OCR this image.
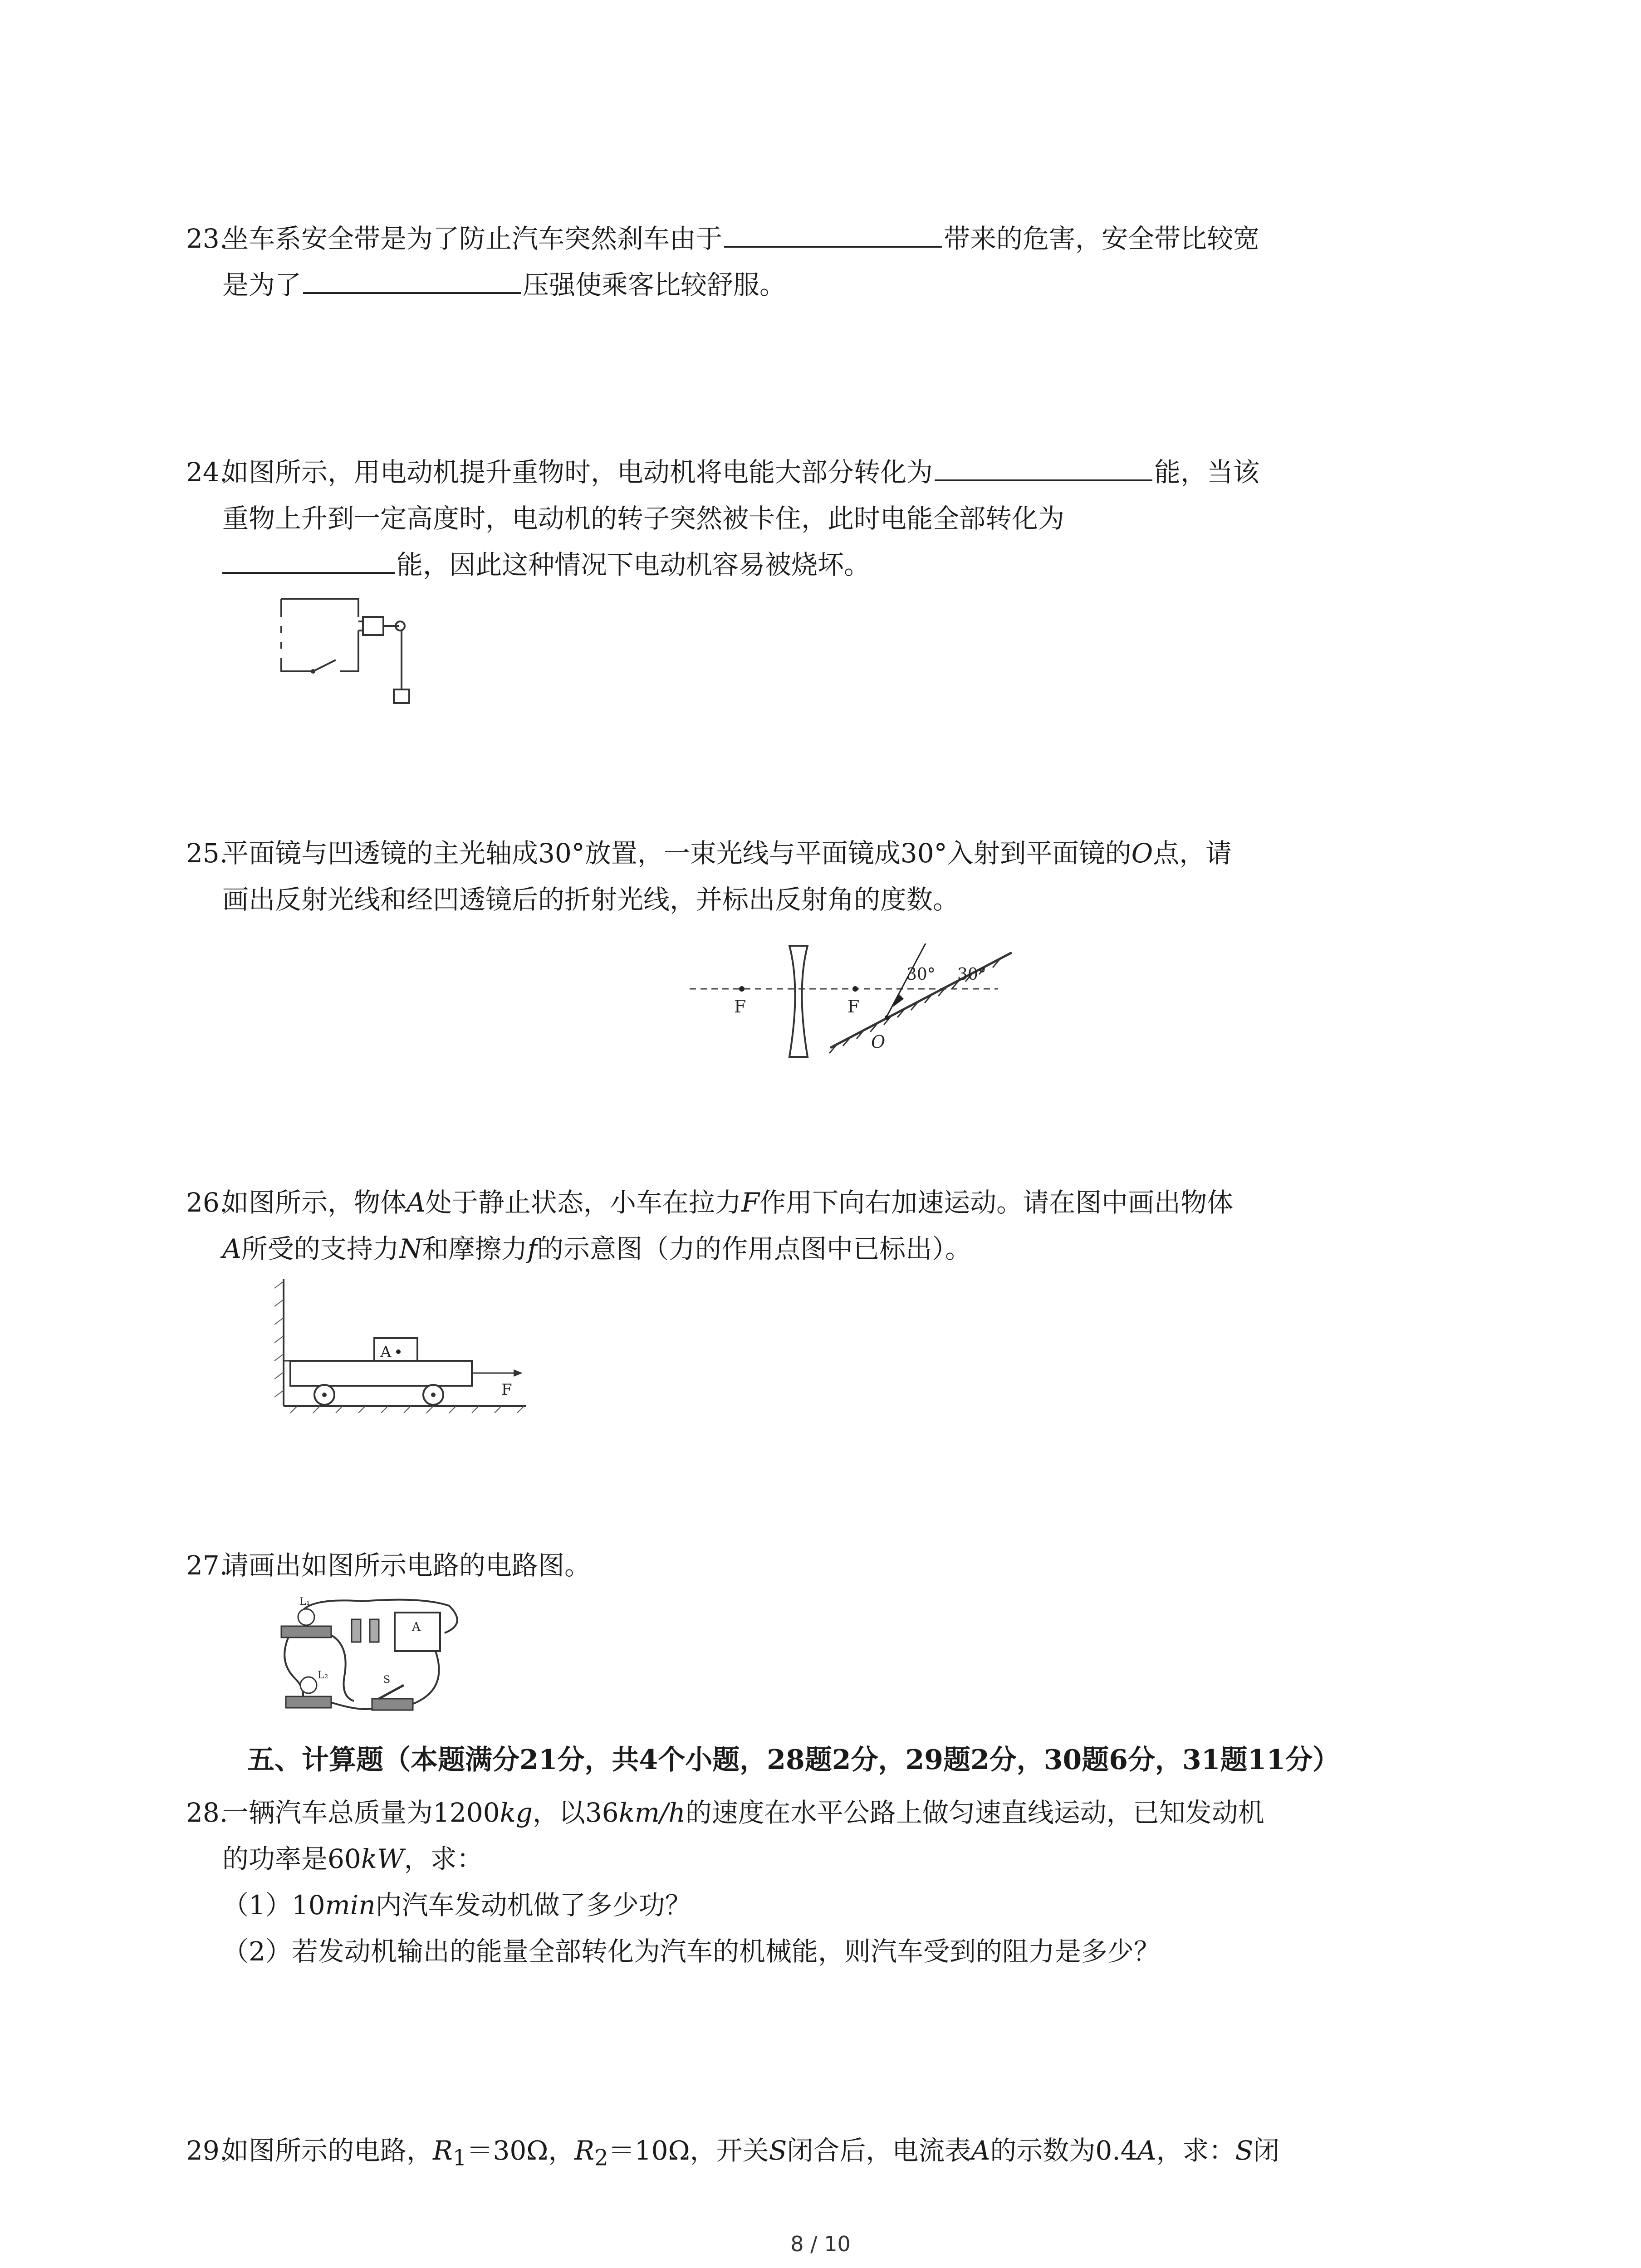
23.
坐车系安全带是为了防止汽车突然刹车由于	带来的危害，安全带比较宽
是为了	压强使乘客比较舒服。
24.
如图所示，用电动机提升重物时，电动机将电能大部分转化为	能，当该
重物上升到一定高度时，电动机的转子突然被卡住，此时电能全部转化为
能，因此这种情况下电动机容易被烧坏。
25.
平面镜与凹透镜的主光轴成30°放置，一束光线与平面镜成30°入射到平面镜的O点，请
画出反射光线和经凹透镜后的折射光线，并标出反射角的度数。
F	F
O
30° 30°
26.
如图所示，物体A处于静止状态，小车在拉力F作用下向右加速运动。请在图中画出物体
A所受的支持力N和摩擦力f的示意图（力的作用点图中已标出）。
A
F
27.
请画出如图所示电路的电路图。
L₁
L₂
A
S
五、计算题（本题满分21分，共4个小题，28题2分，29题2分，30题6分，31题11分）
28.
一辆汽车总质量为1200kg，以36km/h的速度在水平公路上做匀速直线运动，已知发动机
的功率是60kW，求：
（1）10min内汽车发动机做了多少功？
（2）若发动机输出的能量全部转化为汽车的机械能，则汽车受到的阻力是多少？
29.
如图所示的电路，$R_1=30\Omega$，$R_2=10\Omega$，开关S闭合后，电流表A的示数为0.4A，求：S闭
8 / 10
